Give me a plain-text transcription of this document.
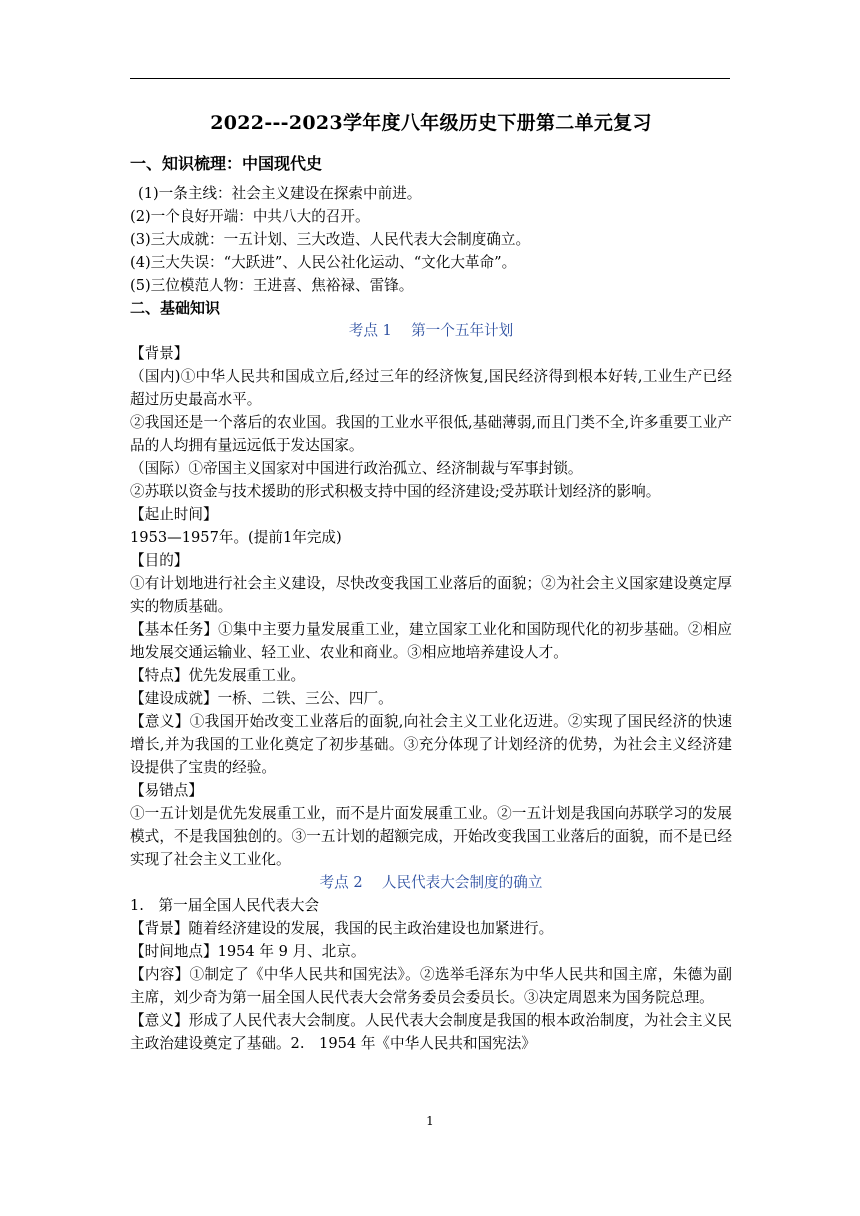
2022---2023学年度八年级历史下册第二单元复习
一、知识梳理：中国现代史

(1)一条主线：社会主义建设在探索中前进。

(2)一个良好开端：中共八大的召开。

(3)三大成就：一五计划、三大改造、人民代表大会制度确立。

(4)三大失误：“大跃进”、人民公社化运动、“文化大革命”。

(5)三位模范人物：王进喜、焦裕禄、雷锋。

二、基础知识
考点 1　 第一个五年计划

【背景】

（国内)①中华人民共和国成立后,经过三年的经济恢复,国民经济得到根本好转,工业生产已经超过历史最高水平。

②我国还是一个落后的农业国。我国的工业水平很低,基础薄弱,而且门类不全,许多重要工业产品的人均拥有量远远低于发达国家。

（国际）①帝国主义国家对中国进行政治孤立、经济制裁与军事封锁。

②苏联以资金与技术援助的形式积极支持中国的经济建设;受苏联计划经济的影响。

【起止时间】

1953—1957年。(提前1年完成)

【目的】

①有计划地进行社会主义建设，尽快改变我国工业落后的面貌；②为社会主义国家建设奠定厚实的物质基础。

【基本任务】①集中主要力量发展重工业，建立国家工业化和国防现代化的初步基础。②相应地发展交通运输业、轻工业、农业和商业。③相应地培养建设人才。

【特点】优先发展重工业。

【建设成就】一桥、二铁、三公、四厂。

【意义】①我国开始改变工业落后的面貌,向社会主义工业化迈进。②实现了国民经济的快速增长,并为我国的工业化奠定了初步基础。③充分体现了计划经济的优势，为社会主义经济建设提供了宝贵的经验。

【易错点】

①一五计划是优先发展重工业，而不是片面发展重工业。②一五计划是我国向苏联学习的发展模式，不是我国独创的。③一五计划的超额完成，开始改变我国工业落后的面貌，而不是已经实现了社会主义工业化。

考点 2　 人民代表大会制度的确立

1.　第一届全国人民代表大会

【背景】随着经济建设的发展，我国的民主政治建设也加紧进行。

【时间地点】1954 年 9 月、北京。

【内容】①制定了《中华人民共和国宪法》。②选举毛泽东为中华人民共和国主席，朱德为副主席，刘少奇为第一届全国人民代表大会常务委员会委员长。③决定周恩来为国务院总理。

【意义】形成了人民代表大会制度。人民代表大会制度是我国的根本政治制度，为社会主义民主政治建设奠定了基础。2.　1954 年《中华人民共和国宪法》

1
